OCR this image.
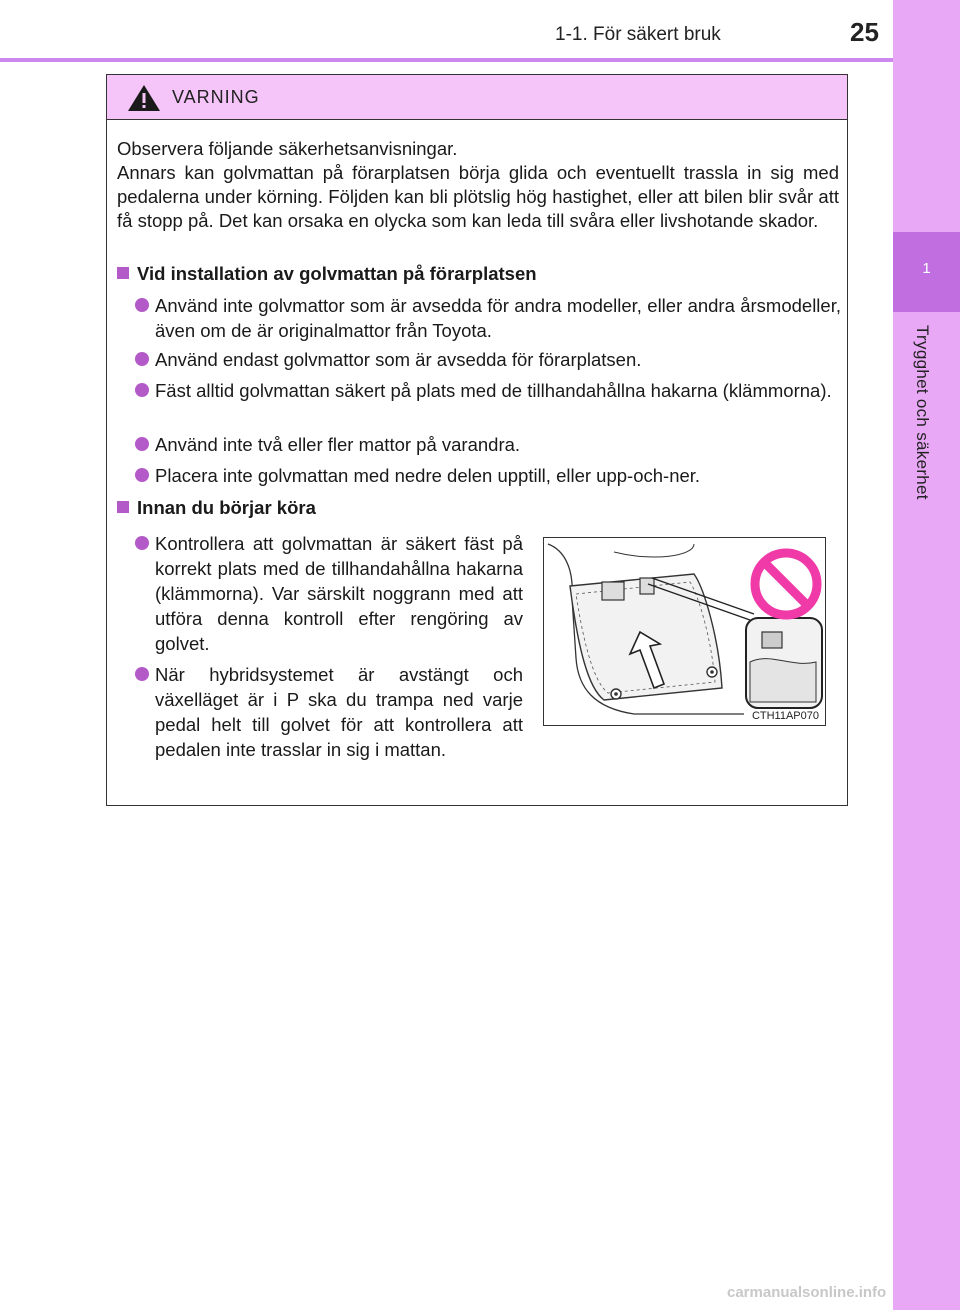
1-1. För säkert bruk	25
1
Trygghet och säkerhet
VARNING

Observera följande säkerhetsanvisningar.

Annars kan golvmattan på förarplatsen börja glida och eventuellt trassla in sig med pedalerna under körning. Följden kan bli plötslig hög hastighet, eller att bilen blir svår att få stopp på. Det kan orsaka en olycka som kan leda till svåra eller livshotande skador.

Vid installation av golvmattan på förarplatsen
Använd inte golvmattor som är avsedda för andra modeller, eller andra årsmodeller, även om de är originalmattor från Toyota.
Använd endast golvmattor som är avsedda för förarplatsen.
Fäst alltid golvmattan säkert på plats med de tillhandahållna hakarna (klämmorna).
Använd inte två eller fler mattor på varandra.
Placera inte golvmattan med nedre delen upptill, eller upp-och-ner.
Innan du börjar köra
Kontrollera att golvmattan är säkert fäst på korrekt plats med de tillhandahållna hakarna (klämmorna). Var särskilt noggrann med att utföra denna kontroll efter rengöring av golvet.
När hybridsystemet är avstängt och växelläget är i P ska du trampa ned varje pedal helt till golvet för att kontrollera att pedalen inte trasslar in sig i mattan.
CTH11AP070
carmanualsonline.info
